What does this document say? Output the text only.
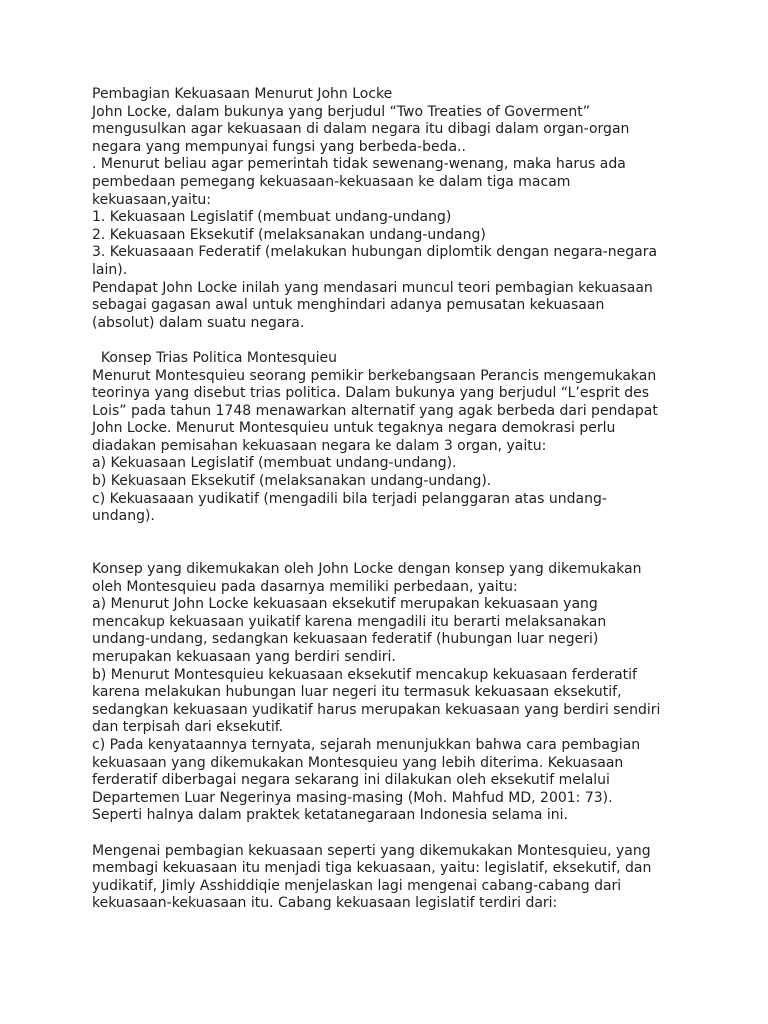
Pembagian Kekuasaan Menurut John Locke
John Locke, dalam bukunya yang berjudul “Two Treaties of Goverment”
mengusulkan agar kekuasaan di dalam negara itu dibagi dalam organ-organ
negara yang mempunyai fungsi yang berbeda-beda..
. Menurut beliau agar pemerintah tidak sewenang-wenang, maka harus ada
pembedaan pemegang kekuasaan-kekuasaan ke dalam tiga macam
kekuasaan,yaitu:
1. Kekuasaan Legislatif (membuat undang-undang)
2. Kekuasaan Eksekutif (melaksanakan undang-undang)
3. Kekuasaaan Federatif (melakukan hubungan diplomtik dengan negara-negara
lain).
Pendapat John Locke inilah yang mendasari muncul teori pembagian kekuasaan
sebagai gagasan awal untuk menghindari adanya pemusatan kekuasaan
(absolut) dalam suatu negara.
Konsep Trias Politica Montesquieu
Menurut Montesquieu seorang pemikir berkebangsaan Perancis mengemukakan
teorinya yang disebut trias politica. Dalam bukunya yang berjudul “L’esprit des
Lois” pada tahun 1748 menawarkan alternatif yang agak berbeda dari pendapat
John Locke. Menurut Montesquieu untuk tegaknya negara demokrasi perlu
diadakan pemisahan kekuasaan negara ke dalam 3 organ, yaitu:
a) Kekuasaan Legislatif (membuat undang-undang).
b) Kekuasaan Eksekutif (melaksanakan undang-undang).
c) Kekuasaaan yudikatif (mengadili bila terjadi pelanggaran atas undang-
undang).
Konsep yang dikemukakan oleh John Locke dengan konsep yang dikemukakan
oleh Montesquieu pada dasarnya memiliki perbedaan, yaitu:
a) Menurut John Locke kekuasaan eksekutif merupakan kekuasaan yang
mencakup kekuasaan yuikatif karena mengadili itu berarti melaksanakan
undang-undang, sedangkan kekuasaan federatif (hubungan luar negeri)
merupakan kekuasaan yang berdiri sendiri.
b) Menurut Montesquieu kekuasaan eksekutif mencakup kekuasaan ferderatif
karena melakukan hubungan luar negeri itu termasuk kekuasaan eksekutif,
sedangkan kekuasaan yudikatif harus merupakan kekuasaan yang berdiri sendiri
dan terpisah dari eksekutif.
c) Pada kenyataannya ternyata, sejarah menunjukkan bahwa cara pembagian
kekuasaan yang dikemukakan Montesquieu yang lebih diterima. Kekuasaan
ferderatif diberbagai negara sekarang ini dilakukan oleh eksekutif melalui
Departemen Luar Negerinya masing-masing (Moh. Mahfud MD, 2001: 73).
Seperti halnya dalam praktek ketatanegaraan Indonesia selama ini.
Mengenai pembagian kekuasaan seperti yang dikemukakan Montesquieu, yang
membagi kekuasaan itu menjadi tiga kekuasaan, yaitu: legislatif, eksekutif, dan
yudikatif, Jimly Asshiddiqie menjelaskan lagi mengenai cabang-cabang dari
kekuasaan-kekuasaan itu. Cabang kekuasaan legislatif terdiri dari:
